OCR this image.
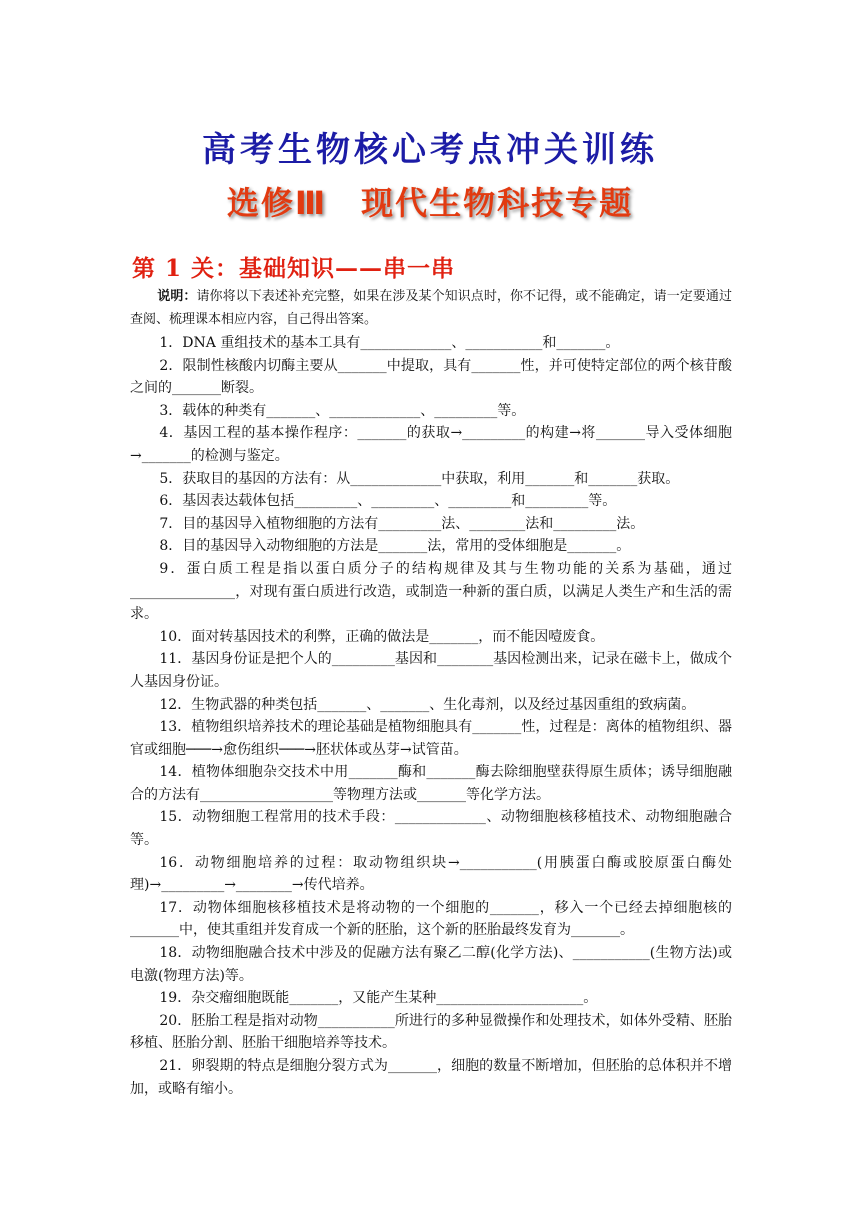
高考生物核心考点冲关训练
选修Ⅲ　现代生物科技专题
第 1 关：基础知识——串一串

说明：请你将以下表述补充完整，如果在涉及某个知识点时，你不记得，或不能确定，请一定要通过查阅、梳理课本相应内容，自己得出答案。

1．DNA 重组技术的基本工具有_____________、___________和_______。

2．限制性核酸内切酶主要从_______中提取，具有_______性，并可使特定部位的两个核苷酸之间的_______断裂。

3．载体的种类有_______、_____________、_________等。

4．基因工程的基本操作程序：_______的获取→_________的构建→将_______导入受体细胞→_______的检测与鉴定。

5．获取目的基因的方法有：从_____________中获取，利用_______和_______获取。

6．基因表达载体包括_________、_________、_________和_________等。

7．目的基因导入植物细胞的方法有_________法、________法和_________法。

8．目的基因导入动物细胞的方法是_______法，常用的受体细胞是_______。

9．蛋白质工程是指以蛋白质分子的结构规律及其与生物功能的关系为基础，通过_______________，对现有蛋白质进行改造，或制造一种新的蛋白质，以满足人类生产和生活的需求。

10．面对转基因技术的利弊，正确的做法是_______，而不能因噎废食。

11．基因身份证是把个人的_________基因和________基因检测出来，记录在磁卡上，做成个人基因身份证。

12．生物武器的种类包括_______、_______、生化毒剂，以及经过基因重组的致病菌。

13．植物组织培养技术的理论基础是植物细胞具有_______性，过程是：离体的植物组织、器官或细胞───→愈伤组织───→胚状体或丛芽→试管苗。

14．植物体细胞杂交技术中用_______酶和_______酶去除细胞壁获得原生质体；诱导细胞融合的方法有___________________等物理方法或_______等化学方法。

15．动物细胞工程常用的技术手段：_____________、动物细胞核移植技术、动物细胞融合等。

16．动物细胞培养的过程：取动物组织块→___________(用胰蛋白酶或胶原蛋白酶处理)→_________→________→传代培养。

17．动物体细胞核移植技术是将动物的一个细胞的_______，移入一个已经去掉细胞核的_______中，使其重组并发育成一个新的胚胎，这个新的胚胎最终发育为_______。

18．动物细胞融合技术中涉及的促融方法有聚乙二醇(化学方法)、___________(生物方法)或电激(物理方法)等。

19．杂交瘤细胞既能_______，又能产生某种_____________________。

20．胚胎工程是指对动物___________所进行的多种显微操作和处理技术，如体外受精、胚胎移植、胚胎分割、胚胎干细胞培养等技术。

21．卵裂期的特点是细胞分裂方式为_______，细胞的数量不断增加，但胚胎的总体积并不增加，或略有缩小。
